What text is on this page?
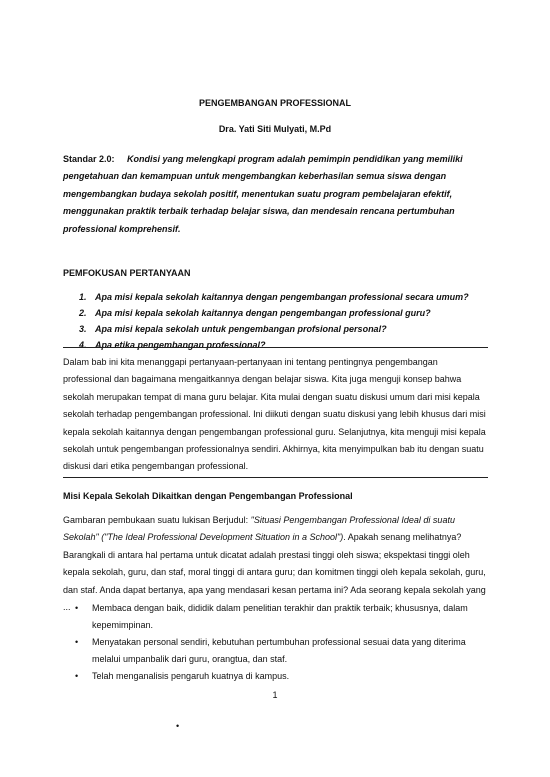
PENGEMBANGAN PROFESSIONAL
Dra. Yati Siti Mulyati, M.Pd
Standar 2.0: Kondisi yang melengkapi program adalah pemimpin pendidikan yang memiliki pengetahuan dan kemampuan untuk mengembangkan keberhasilan semua siswa dengan mengembangkan budaya sekolah positif, menentukan suatu program pembelajaran efektif, menggunakan praktik terbaik terhadap belajar siswa, dan mendesain rencana pertumbuhan professional komprehensif.
PEMFOKUSAN PERTANYAAN
1. Apa misi kepala sekolah kaitannya dengan pengembangan professional secara umum?
2. Apa misi kepala sekolah kaitannya dengan pengembangan professional guru?
3. Apa misi kepala sekolah untuk pengembangan profsional personal?
4. Apa etika pengembangan professional?
Dalam bab ini kita menanggapi pertanyaan-pertanyaan ini tentang pentingnya pengembangan professional dan bagaimana mengaitkannya dengan belajar siswa. Kita juga menguji konsep bahwa sekolah merupakan tempat di mana guru belajar. Kita mulai dengan suatu diskusi umum dari misi kepala sekolah terhadap pengembangan professional. Ini diikuti dengan suatu diskusi yang lebih khusus dari misi kepala sekolah kaitannya dengan pengembangan professional guru. Selanjutnya, kita menguji misi kepala sekolah untuk pengembangan professionalnya sendiri. Akhirnya, kita menyimpulkan bab itu dengan suatu diskusi dari etika pengembangan professional.
Misi Kepala Sekolah Dikaitkan dengan Pengembangan Professional
Gambaran pembukaan suatu lukisan Berjudul: "Situasi Pengembangan Professional Ideal di suatu Sekolah" ("The Ideal Professional Development Situation in a School"). Apakah senang melihatnya? Barangkali di antara hal pertama untuk dicatat adalah prestasi tinggi oleh siswa; ekspektasi tinggi oleh kepala sekolah, guru, dan staf, moral tinggi di antara guru; dan komitmen tinggi oleh kepala sekolah, guru, dan staf. Anda dapat bertanya, apa yang mendasari kesan pertama ini? Ada seorang kepala sekolah yang ... • Membaca dengan baik, dididik dalam penelitian terakhir dan praktik terbaik; khususnya, dalam kepemimpinan.
• Menyatakan personal sendiri, kebutuhan pertumbuhan professional sesuai data yang diterima melalui umpanbalik dari guru, orangtua, dan staf.
• Telah menganalisis pengaruh kuatnya di kampus.
1
•
